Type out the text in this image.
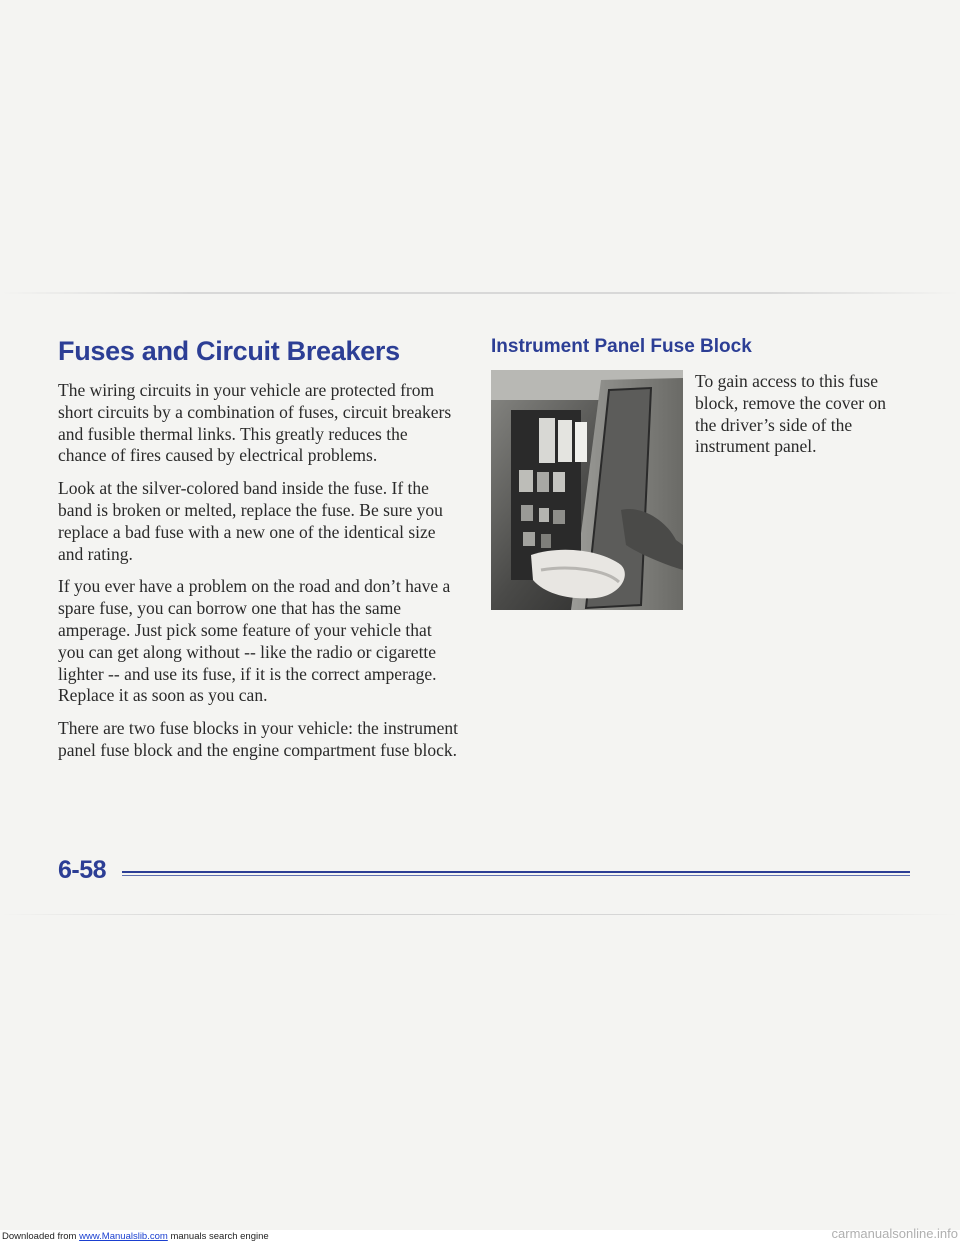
Fuses and Circuit Breakers

The wiring circuits in your vehicle are protected from short circuits by a combination of fuses, circuit breakers and fusible thermal links. This greatly reduces the chance of fires caused by electrical problems.

Look at the silver-colored band inside the fuse. If the band is broken or melted, replace the fuse. Be sure you replace a bad fuse with a new one of the identical size and rating.

If you ever have a problem on the road and don’t have a spare fuse, you can borrow one that has the same amperage. Just pick some feature of your vehicle that you can get along without -- like the radio or cigarette lighter -- and use its fuse, if it is the correct amperage. Replace it as soon as you can.

There are two fuse blocks in your vehicle: the instrument panel fuse block and the engine compartment fuse block.

Instrument Panel Fuse Block
To gain access to this fuse block, remove the cover on the driver’s side of the instrument panel.
6-58
Downloaded from www.Manualslib.com manuals search engine	carmanualsonline.info
